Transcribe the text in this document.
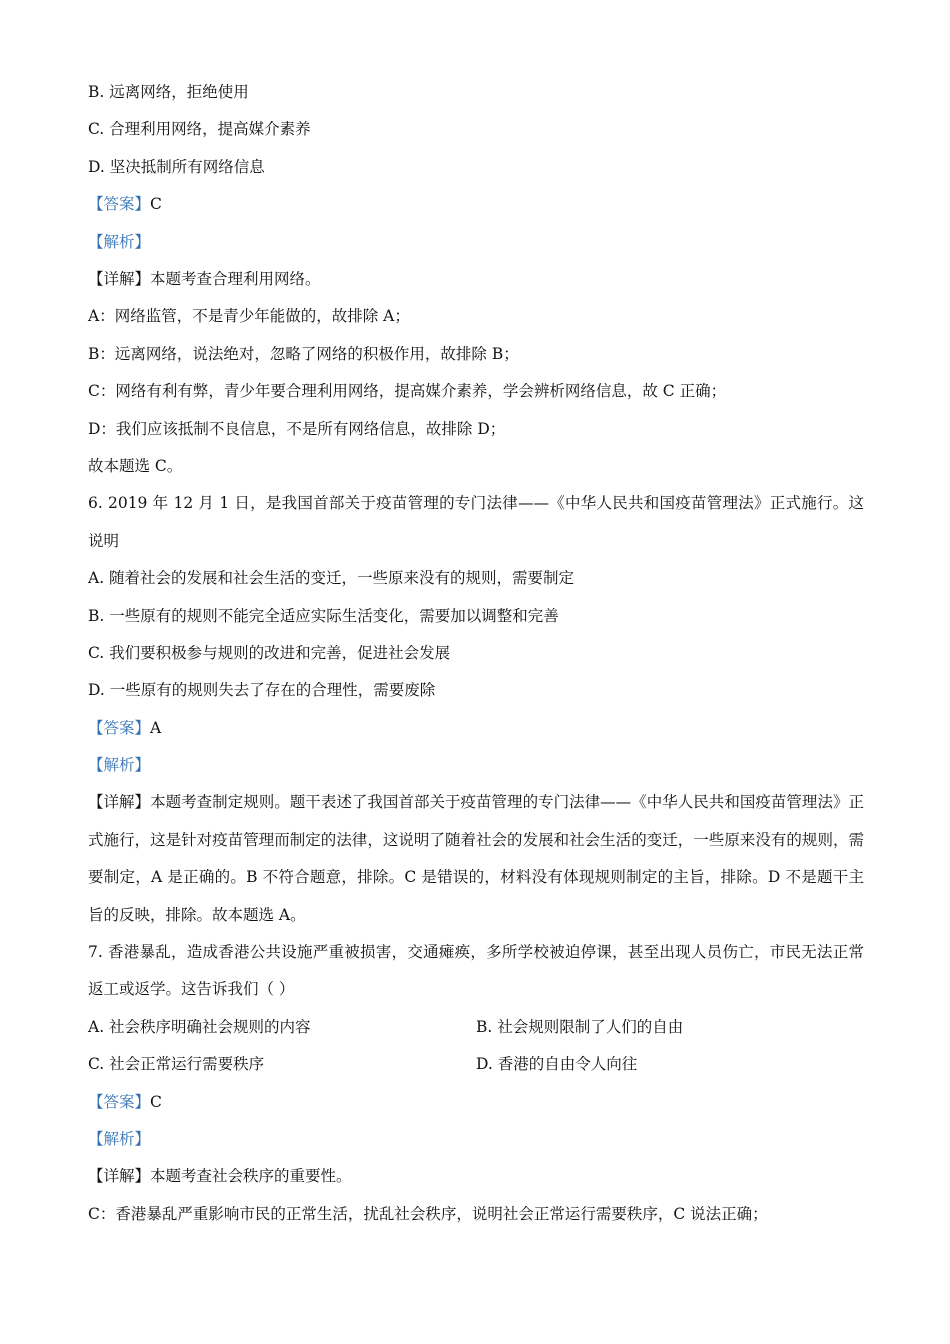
B. 远离网络，拒绝使用
C. 合理利用网络，提高媒介素养
D. 坚决抵制所有网络信息
【答案】C
【解析】
【详解】本题考查合理利用网络。
A：网络监管，不是青少年能做的，故排除 A；
B：远离网络，说法绝对，忽略了网络的积极作用，故排除 B；
C：网络有利有弊，青少年要合理利用网络，提高媒介素养，学会辨析网络信息，故 C 正确；
D：我们应该抵制不良信息，不是所有网络信息，故排除 D；
故本题选 C。
6. 2019 年 12 月 1 日，是我国首部关于疫苗管理的专门法律——《中华人民共和国疫苗管理法》正式施行。这说明
A. 随着社会的发展和社会生活的变迁，一些原来没有的规则，需要制定
B. 一些原有的规则不能完全适应实际生活变化，需要加以调整和完善
C. 我们要积极参与规则的改进和完善，促进社会发展
D. 一些原有的规则失去了存在的合理性，需要废除
【答案】A
【解析】
【详解】本题考查制定规则。题干表述了我国首部关于疫苗管理的专门法律——《中华人民共和国疫苗管理法》正式施行，这是针对疫苗管理而制定的法律，这说明了随着社会的发展和社会生活的变迁，一些原来没有的规则，需要制定，A 是正确的。B 不符合题意，排除。C 是错误的，材料没有体现规则制定的主旨，排除。D 不是题干主旨的反映，排除。故本题选 A。
7. 香港暴乱，造成香港公共设施严重被损害，交通瘫痪，多所学校被迫停课，甚至出现人员伤亡，市民无法正常返工或返学。这告诉我们（ ）
A. 社会秩序明确社会规则的内容	B. 社会规则限制了人们的自由
C. 社会正常运行需要秩序	D. 香港的自由令人向往
【答案】C
【解析】
【详解】本题考查社会秩序的重要性。
C：香港暴乱严重影响市民的正常生活，扰乱社会秩序，说明社会正常运行需要秩序，C 说法正确；
